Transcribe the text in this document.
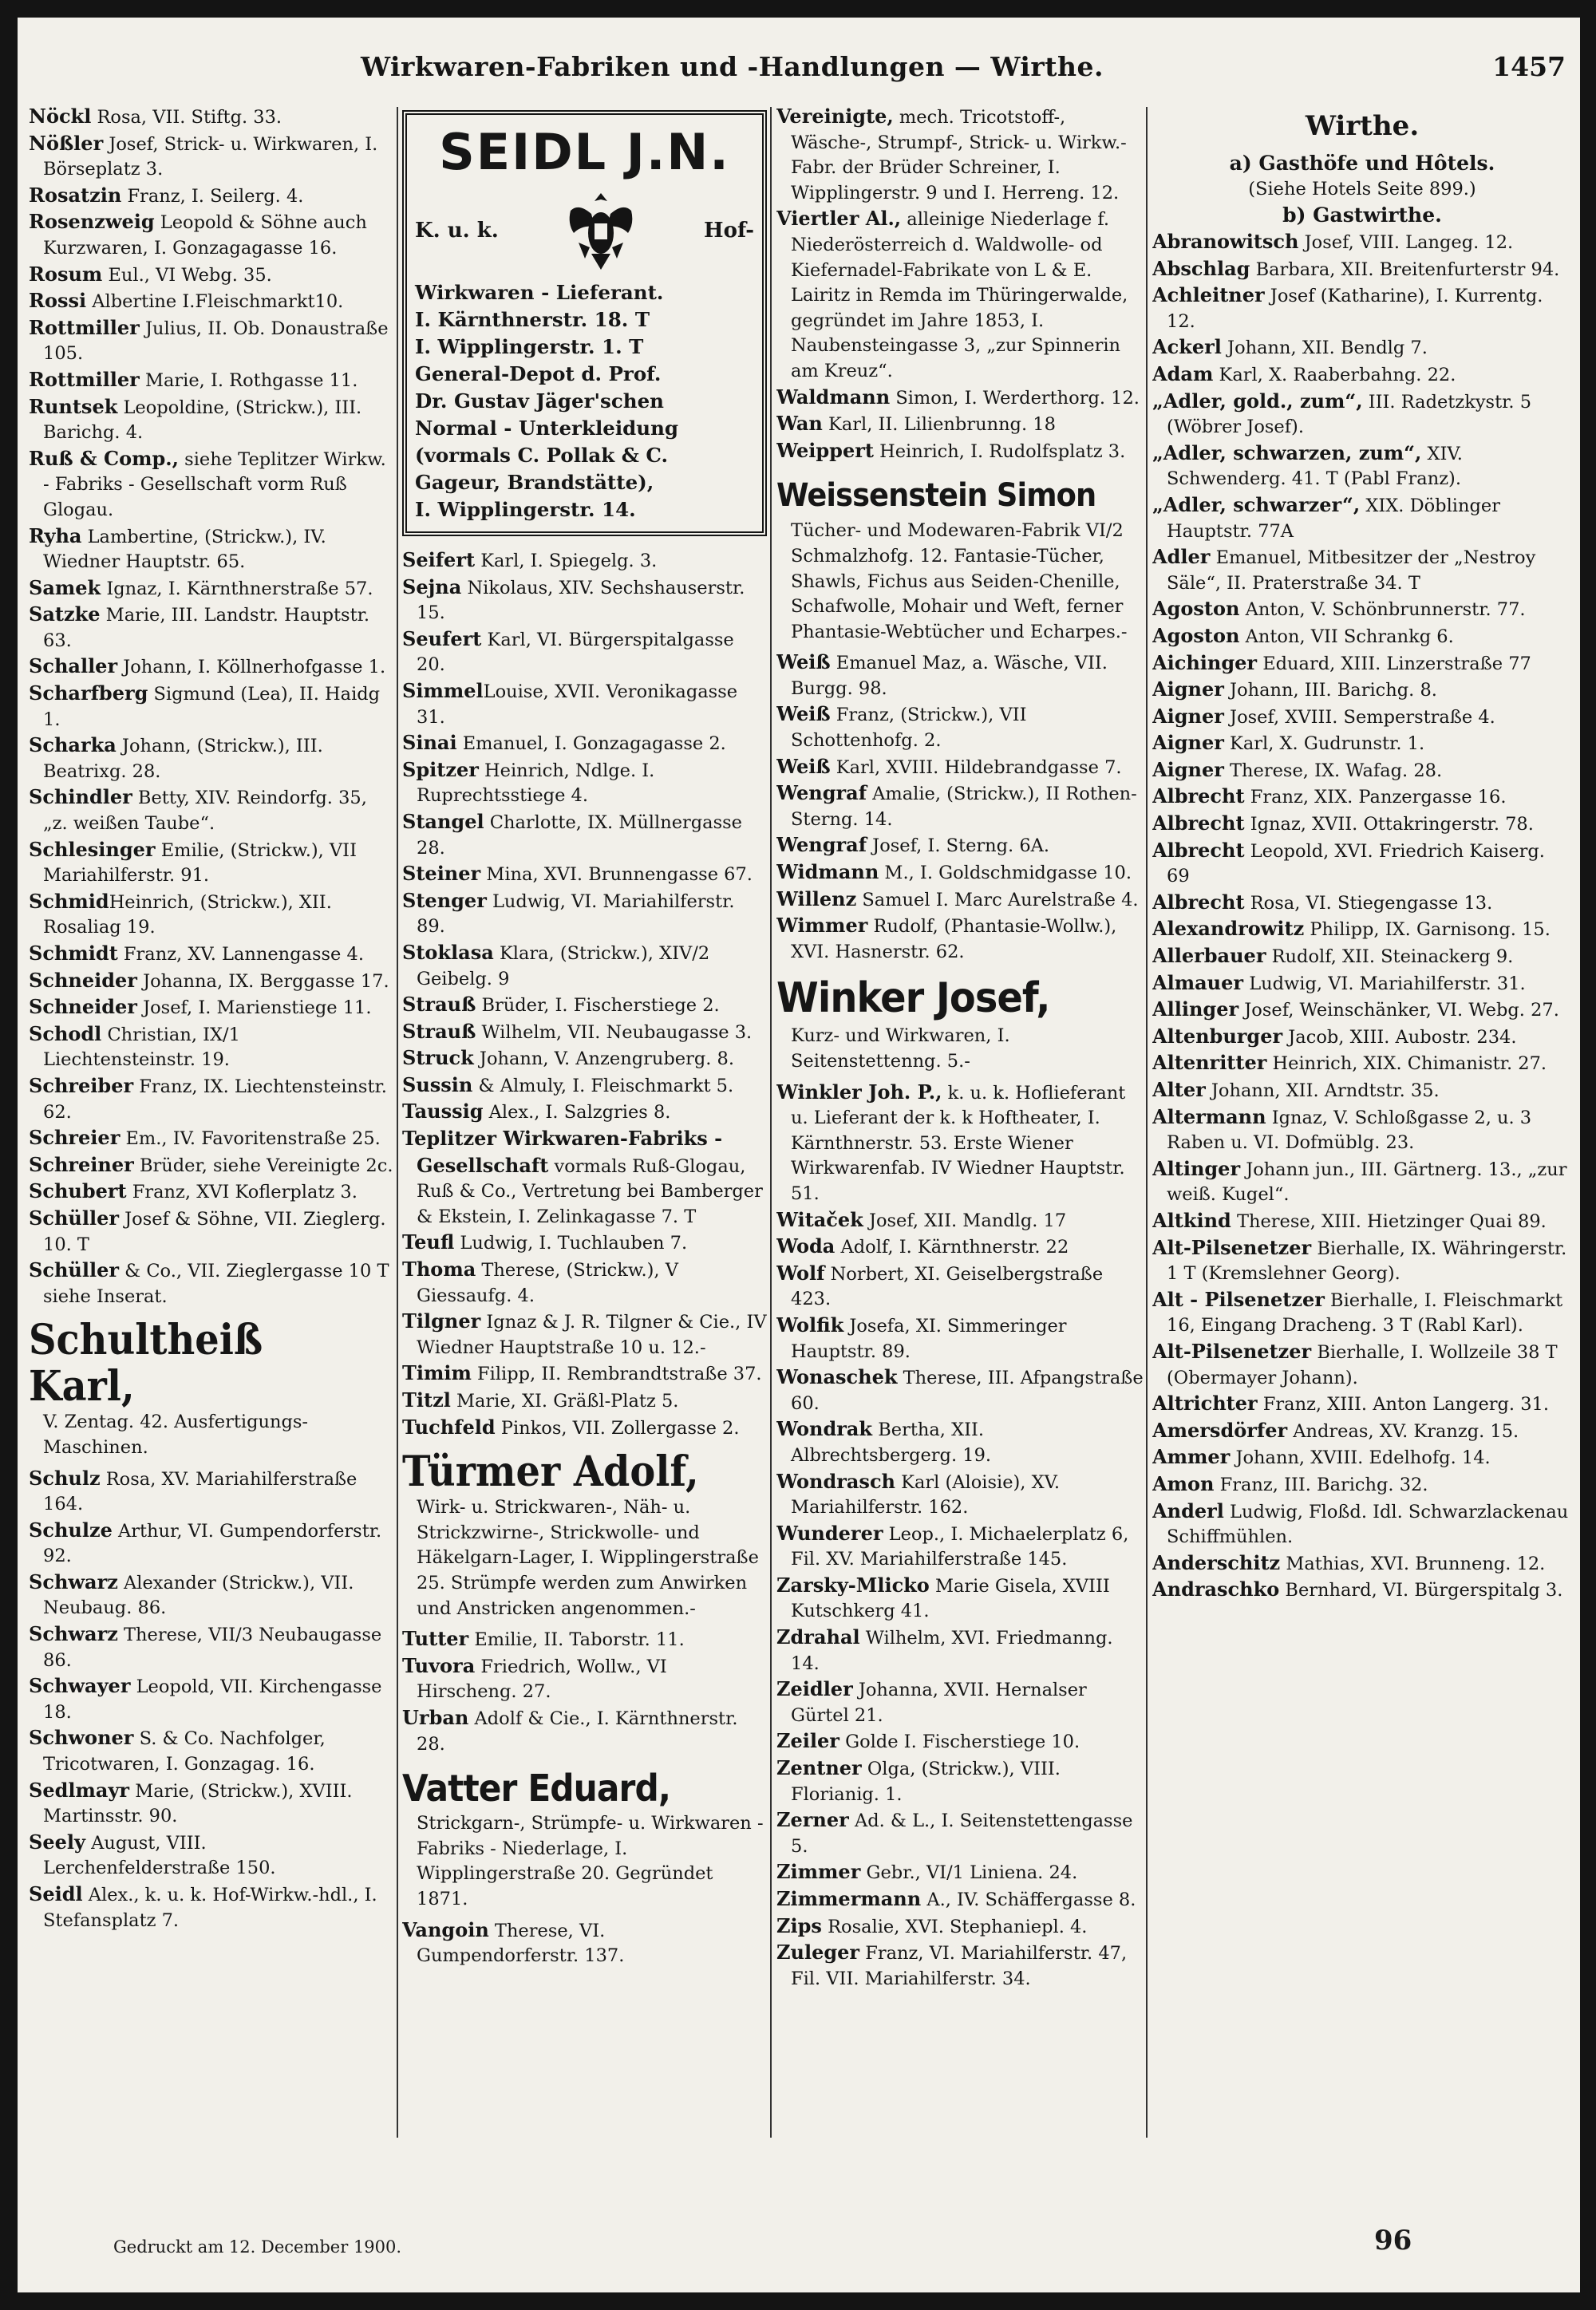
Wirkwaren-Fabriken und -Handlungen — Wirthe.	1457

Nöckl Rosa, VII. Stiftg. 33.

Nößler Josef, Strick- u. Wirkwaren, I. Börseplatz 3.

Rosatzin Franz, I. Seilerg. 4.

Rosenzweig Leopold & Söhne auch Kurzwaren, I. Gonzagagasse 16.

Rosum Eul., VI Webg. 35.

Rossi Albertine I.Fleischmarkt10.

Rottmiller Julius, II. Ob. Donaustraße 105.

Rottmiller Marie, I. Rothgasse 11.

Runtsek Leopoldine, (Strickw.), III. Barichg. 4.

Ruß & Comp., siehe Teplitzer Wirkw. - Fabriks - Gesellschaft vorm Ruß Glogau.

Ryha Lambertine, (Strickw.), IV. Wiedner Hauptstr. 65.

Samek Ignaz, I. Kärnthnerstraße 57.

Satzke Marie, III. Landstr. Hauptstr. 63.

Schaller Johann, I. Köllnerhofgasse 1.

Scharfberg Sigmund (Lea), II. Haidg 1.

Scharka Johann, (Strickw.), III. Beatrixg. 28.

Schindler Betty, XIV. Reindorfg. 35, „z. weißen Taube“.

Schlesinger Emilie, (Strickw.), VII Mariahilferstr. 91.

SchmidHeinrich, (Strickw.), XII. Rosaliag 19.

Schmidt Franz, XV. Lannengasse 4.

Schneider Johanna, IX. Berggasse 17.

Schneider Josef, I. Marienstiege 11.

Schodl Christian, IX/1 Liechtensteinstr. 19.

Schreiber Franz, IX. Liechtensteinstr. 62.

Schreier Em., IV. Favoritenstraße 25.

Schreiner Brüder, siehe Vereinigte 2c.

Schubert Franz, XVI Koflerplatz 3.

Schüller Josef & Söhne, VII. Zieglerg. 10. T

Schüller & Co., VII. Zieglergasse 10 T siehe Inserat.

Schultheiß Karl,
V. Zentag. 42. Ausfertigungs-Maschinen.

Schulz Rosa, XV. Mariahilferstraße 164.

Schulze Arthur, VI. Gumpendorferstr. 92.

Schwarz Alexander (Strickw.), VII. Neubaug. 86.

Schwarz Therese, VII/3 Neubaugasse 86.

Schwayer Leopold, VII. Kirchengasse 18.

Schwoner S. & Co. Nachfolger, Tricotwaren, I. Gonzagag. 16.

Sedlmayr Marie, (Strickw.), XVIII. Martinsstr. 90.

Seely August, VIII. Lerchenfelderstraße 150.

Seidl Alex., k. u. k. Hof-Wirkw.-hdl., I. Stefansplatz 7.

SEIDL J.N.
K. u. k.	Hof-
Wirkwaren - Lieferant.
I. Kärnthnerstr. 18. T
I. Wipplingerstr. 1. T
General-Depot d. Prof.
Dr. Gustav Jäger'schen
Normal - Unterkleidung
(vormals C. Pollak & C.
Gageur, Brandstätte),
I. Wipplingerstr. 14.

Seifert Karl, I. Spiegelg. 3.

Sejna Nikolaus, XIV. Sechshauserstr. 15.

Seufert Karl, VI. Bürgerspitalgasse 20.

SimmelLouise, XVII. Veronikagasse 31.

Sinai Emanuel, I. Gonzagagasse 2.

Spitzer Heinrich, Ndlge. I. Ruprechtsstiege 4.

Stangel Charlotte, IX. Müllnergasse 28.

Steiner Mina, XVI. Brunnengasse 67.

Stenger Ludwig, VI. Mariahilferstr. 89.

Stoklasa Klara, (Strickw.), XIV/2 Geibelg. 9

Strauß Brüder, I. Fischerstiege 2.

Strauß Wilhelm, VII. Neubaugasse 3.

Struck Johann, V. Anzengruberg. 8.

Sussin & Almuly, I. Fleischmarkt 5.

Taussig Alex., I. Salzgries 8.

Teplitzer Wirkwaren-Fabriks - Gesellschaft vormals Ruß-Glogau, Ruß & Co., Vertretung bei Bamberger & Ekstein, I. Zelinkagasse 7. T

Teufl Ludwig, I. Tuchlauben 7.

Thoma Therese, (Strickw.), V Giessaufg. 4.

Tilgner Ignaz & J. R. Tilgner & Cie., IV Wiedner Hauptstraße 10 u. 12.-

Timim Filipp, II. Rembrandtstraße 37.

Titzl Marie, XI. Gräßl-Platz 5.

Tuchfeld Pinkos, VII. Zollergasse 2.

Türmer Adolf,
Wirk- u. Strickwaren-, Näh- u. Strickzwirne-, Strickwolle- und Häkelgarn-Lager, I. Wipplingerstraße 25. Strümpfe werden zum Anwirken und Anstricken angenommen.-

Tutter Emilie, II. Taborstr. 11.

Tuvora Friedrich, Wollw., VI Hirscheng. 27.

Urban Adolf & Cie., I. Kärnthnerstr. 28.

Vatter Eduard,
Strickgarn-, Strümpfe- u. Wirkwaren - Fabriks - Niederlage, I. Wipplingerstraße 20. Gegründet 1871.

Vangoin Therese, VI. Gumpendorferstr. 137.

Vereinigte, mech. Tricotstoff-, Wäsche-, Strumpf-, Strick- u. Wirkw.-Fabr. der Brüder Schreiner, I. Wipplingerstr. 9 und I. Herreng. 12.

Viertler Al., alleinige Niederlage f. Niederösterreich d. Waldwolle- od Kiefernadel-Fabrikate von L & E. Lairitz in Remda im Thüringerwalde, gegründet im Jahre 1853, I. Naubensteingasse 3, „zur Spinnerin am Kreuz“.

Waldmann Simon, I. Werderthorg. 12.

Wan Karl, II. Lilienbrunng. 18

Weippert Heinrich, I. Rudolfsplatz 3.

Weissenstein Simon
Tücher- und Modewaren-Fabrik VI/2 Schmalzhofg. 12. Fantasie-Tücher, Shawls, Fichus aus Seiden-Chenille, Schafwolle, Mohair und Weft, ferner Phantasie-Webtücher und Echarpes.-

Weiß Emanuel Maz, a. Wäsche, VII. Burgg. 98.

Weiß Franz, (Strickw.), VII Schottenhofg. 2.

Weiß Karl, XVIII. Hildebrandgasse 7.

Wengraf Amalie, (Strickw.), II Rothen-Sterng. 14.

Wengraf Josef, I. Sterng. 6A.

Widmann M., I. Goldschmidgasse 10.

Willenz Samuel I. Marc Aurelstraße 4.

Wimmer Rudolf, (Phantasie-Wollw.), XVI. Hasnerstr. 62.

Winker Josef,
Kurz- und Wirkwaren, I. Seitenstettenng. 5.-

Winkler Joh. P., k. u. k. Hoflieferant u. Lieferant der k. k Hoftheater, I. Kärnthnerstr. 53. Erste Wiener Wirkwarenfab. IV Wiedner Hauptstr. 51.

Witaček Josef, XII. Mandlg. 17

Woda Adolf, I. Kärnthnerstr. 22

Wolf Norbert, XI. Geiselbergstraße 423.

Wolfik Josefa, XI. Simmeringer Hauptstr. 89.

Wonaschek Therese, III. Afpangstraße 60.

Wondrak Bertha, XII. Albrechtsbergerg. 19.

Wondrasch Karl (Aloisie), XV. Mariahilferstr. 162.

Wunderer Leop., I. Michaelerplatz 6, Fil. XV. Mariahilferstraße 145.

Zarsky-Mlicko Marie Gisela, XVIII Kutschkerg 41.

Zdrahal Wilhelm, XVI. Friedmanng. 14.

Zeidler Johanna, XVII. Hernalser Gürtel 21.

Zeiler Golde I. Fischerstiege 10.

Zentner Olga, (Strickw.), VIII. Florianig. 1.

Zerner Ad. & L., I. Seitenstettengasse 5.

Zimmer Gebr., VI/1 Liniena. 24.

Zimmermann A., IV. Schäffergasse 8.

Zips Rosalie, XVI. Stephaniepl. 4.

Zuleger Franz, VI. Mariahilferstr. 47, Fil. VII. Mariahilferstr. 34.

Wirthe.
a) Gasthöfe und Hôtels.
(Siehe Hotels Seite 899.)
b) Gastwirthe.

Abranowitsch Josef, VIII. Langeg. 12.

Abschlag Barbara, XII. Breitenfurterstr 94.

Achleitner Josef (Katharine), I. Kurrentg. 12.

Ackerl Johann, XII. Bendlg 7.

Adam Karl, X. Raaberbahng. 22.

„Adler, gold., zum“, III. Radetzkystr. 5 (Wöbrer Josef).

„Adler, schwarzen, zum“, XIV. Schwenderg. 41. T (Pabl Franz).

„Adler, schwarzer“, XIX. Döblinger Hauptstr. 77A

Adler Emanuel, Mitbesitzer der „Nestroy Säle“, II. Praterstraße 34. T

Agoston Anton, V. Schönbrunnerstr. 77.

Agoston Anton, VII Schrankg 6.

Aichinger Eduard, XIII. Linzerstraße 77

Aigner Johann, III. Barichg. 8.

Aigner Josef, XVIII. Semperstraße 4.

Aigner Karl, X. Gudrunstr. 1.

Aigner Therese, IX. Wafag. 28.

Albrecht Franz, XIX. Panzergasse 16.

Albrecht Ignaz, XVII. Ottakringerstr. 78.

Albrecht Leopold, XVI. Friedrich Kaiserg. 69

Albrecht Rosa, VI. Stiegengasse 13.

Alexandrowitz Philipp, IX. Garnisong. 15.

Allerbauer Rudolf, XII. Steinackerg 9.

Almauer Ludwig, VI. Mariahilferstr. 31.

Allinger Josef, Weinschänker, VI. Webg. 27.

Altenburger Jacob, XIII. Aubostr. 234.

Altenritter Heinrich, XIX. Chimanistr. 27.

Alter Johann, XII. Arndtstr. 35.

Altermann Ignaz, V. Schloßgasse 2, u. 3 Raben u. VI. Dofmüblg. 23.

Altinger Johann jun., III. Gärtnerg. 13., „zur weiß. Kugel“.

Altkind Therese, XIII. Hietzinger Quai 89.

Alt-Pilsenetzer Bierhalle, IX. Währingerstr. 1 T (Kremslehner Georg).

Alt - Pilsenetzer Bierhalle, I. Fleischmarkt 16, Eingang Dracheng. 3 T (Rabl Karl).

Alt-Pilsenetzer Bierhalle, I. Wollzeile 38 T (Obermayer Johann).

Altrichter Franz, XIII. Anton Langerg. 31.

Amersdörfer Andreas, XV. Kranzg. 15.

Ammer Johann, XVIII. Edelhofg. 14.

Amon Franz, III. Barichg. 32.

Anderl Ludwig, Floßd. Idl. Schwarzlackenau Schiffmühlen.

Anderschitz Mathias, XVI. Brunneng. 12.

Andraschko Bernhard, VI. Bürgerspitalg 3.

Gedruckt am 12. December 1900.	96
